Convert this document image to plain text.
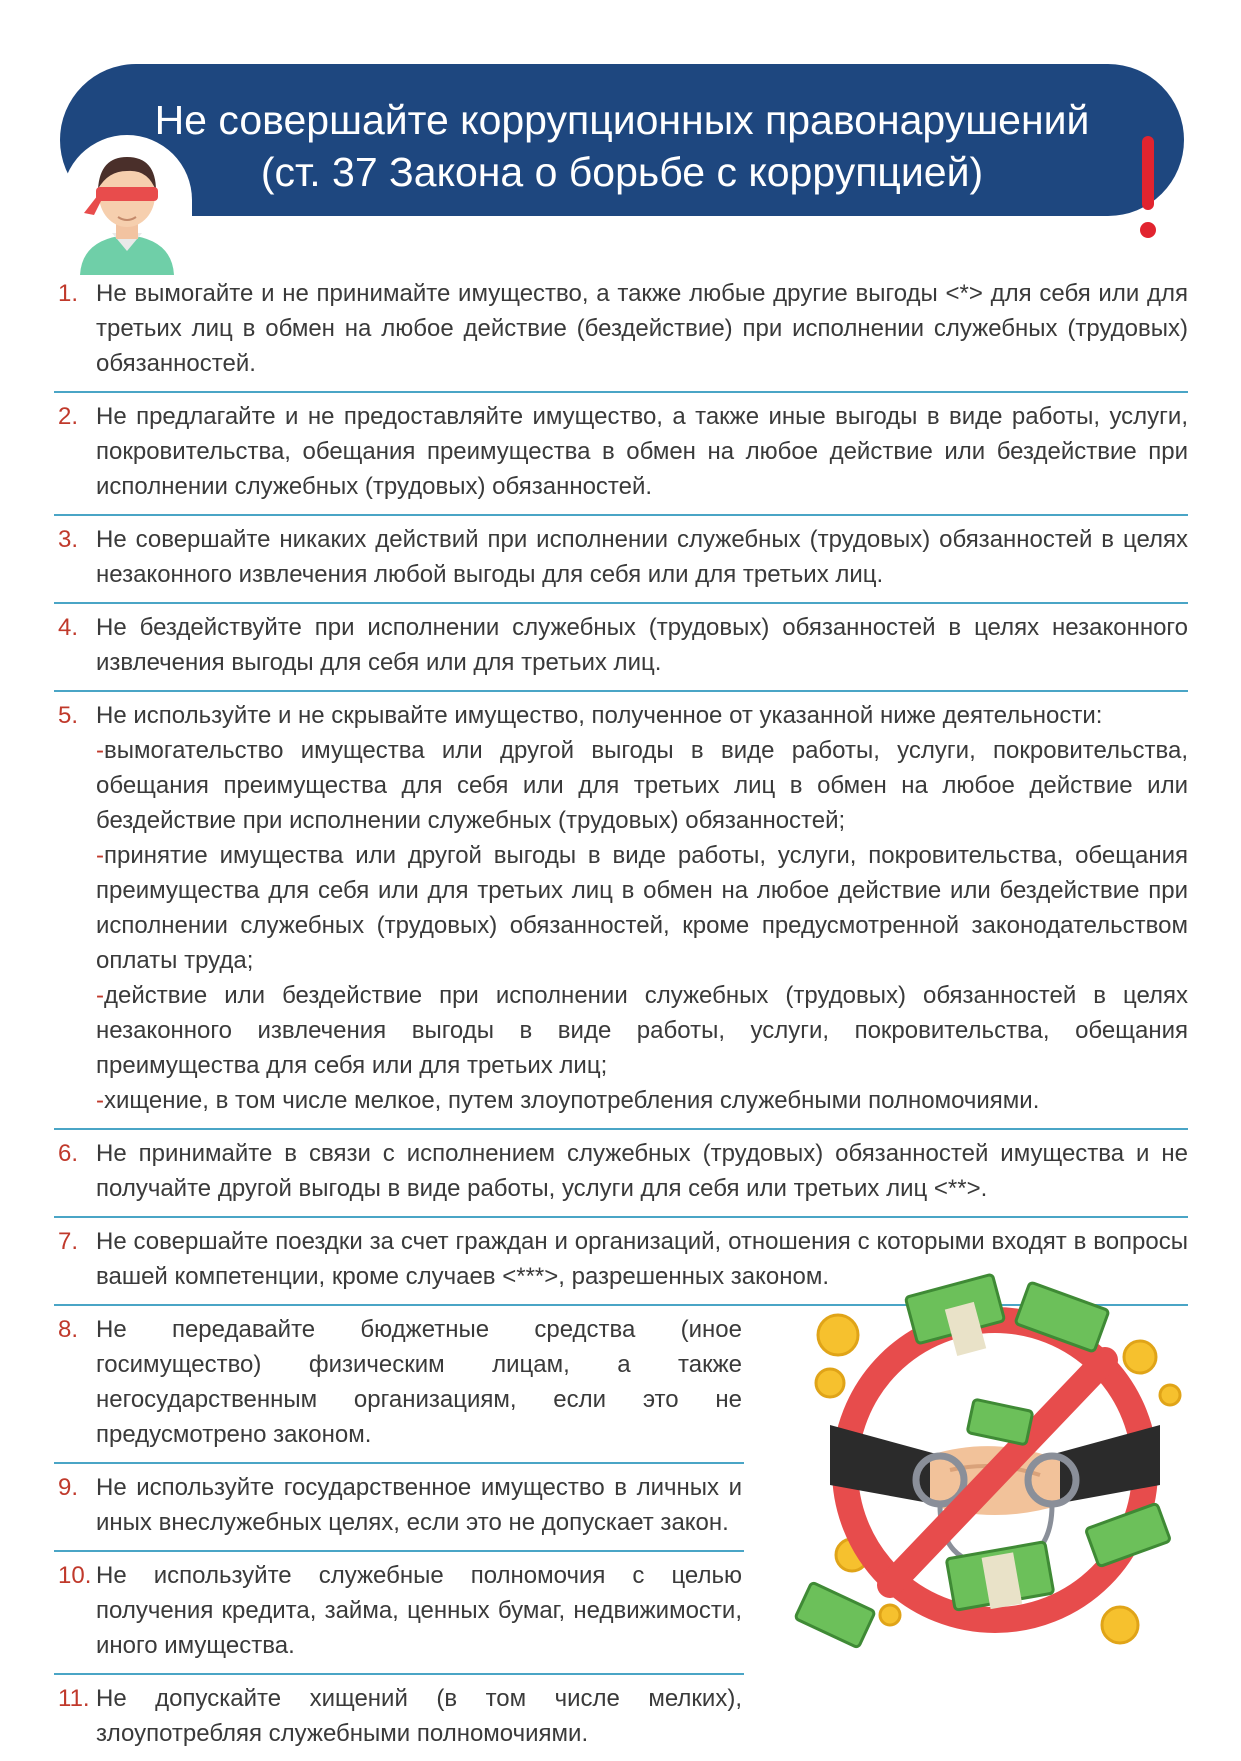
Не совершайте коррупционных правонарушений
(ст. 37 Закона о борьбе с коррупцией)
1. Не вымогайте и не принимайте имущество, а также любые другие выгоды <*> для себя или для третьих лиц в обмен на любое действие (бездействие) при исполнении служебных (трудовых) обязанностей.

2. Не предлагайте и не предоставляйте имущество, а также иные выгоды в виде работы, услуги, покровительства, обещания преимущества в обмен на любое действие или бездействие при исполнении служебных (трудовых) обязанностей.

3. Не совершайте никаких действий при исполнении служебных (трудовых) обязанностей в целях незаконного извлечения любой выгоды для себя или для третьих лиц.

4. Не бездействуйте при исполнении служебных (трудовых) обязанностей в целях незаконного извлечения выгоды для себя или для третьих лиц.

5. Не используйте и не скрывайте имущество, полученное от указанной ниже деятельности:

-вымогательство имущества или другой выгоды в виде работы, услуги, покровительства, обещания преимущества для себя или для третьих лиц в обмен на любое действие или бездействие при исполнении служебных (трудовых) обязанностей;

-принятие имущества или другой выгоды в виде работы, услуги, покровительства, обещания преимущества для себя или для третьих лиц в обмен на любое действие или бездействие при исполнении служебных (трудовых) обязанностей, кроме предусмотренной законодательством оплаты труда;

-действие или бездействие при исполнении служебных (трудовых) обязанностей в целях незаконного извлечения выгоды в виде работы, услуги, покровительства, обещания преимущества для себя или для третьих лиц;

-хищение, в том числе мелкое, путем злоупотребления служебными полномочиями.

6. Не принимайте в связи с исполнением служебных (трудовых) обязанностей имущества и не получайте другой выгоды в виде работы, услуги для себя или третьих лиц <**>.

7. Не совершайте поездки за счет граждан и организаций, отношения с которыми входят в вопросы вашей компетенции, кроме случаев <***>, разрешенных законом.

8. Не передавайте бюджетные средства (иное госимущество) физическим лицам, а также негосударственным организациям, если это не предусмотрено законом.

9. Не используйте государственное имущество в личных и иных внеслужебных целях, если это не допускает закон.

10. Не используйте служебные полномочия с целью получения кредита, займа, ценных бумаг, недвижимости, иного имущества.

11. Не допускайте хищений (в том числе мелких), злоупотребляя служебными полномочиями.
